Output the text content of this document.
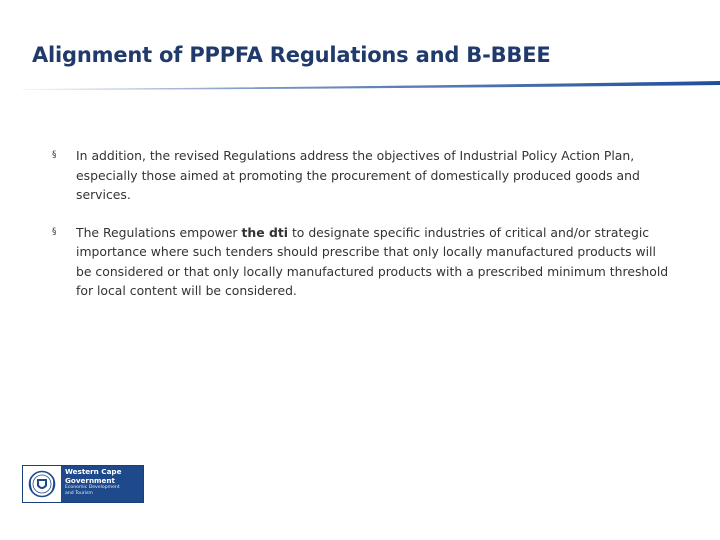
Alignment of PPPFA Regulations and B-BBEE
§ In addition, the revised Regulations address the objectives of Industrial Policy Action Plan, especially those aimed at promoting the procurement of domestically produced goods and services.
§ The Regulations empower the dti to designate specific industries of critical and/or strategic importance where such tenders should prescribe that only locally manufactured products will be considered or that only locally manufactured products with a prescribed minimum threshold for local content will be considered.
Western Cape
Government
Economic Development
and Tourism
